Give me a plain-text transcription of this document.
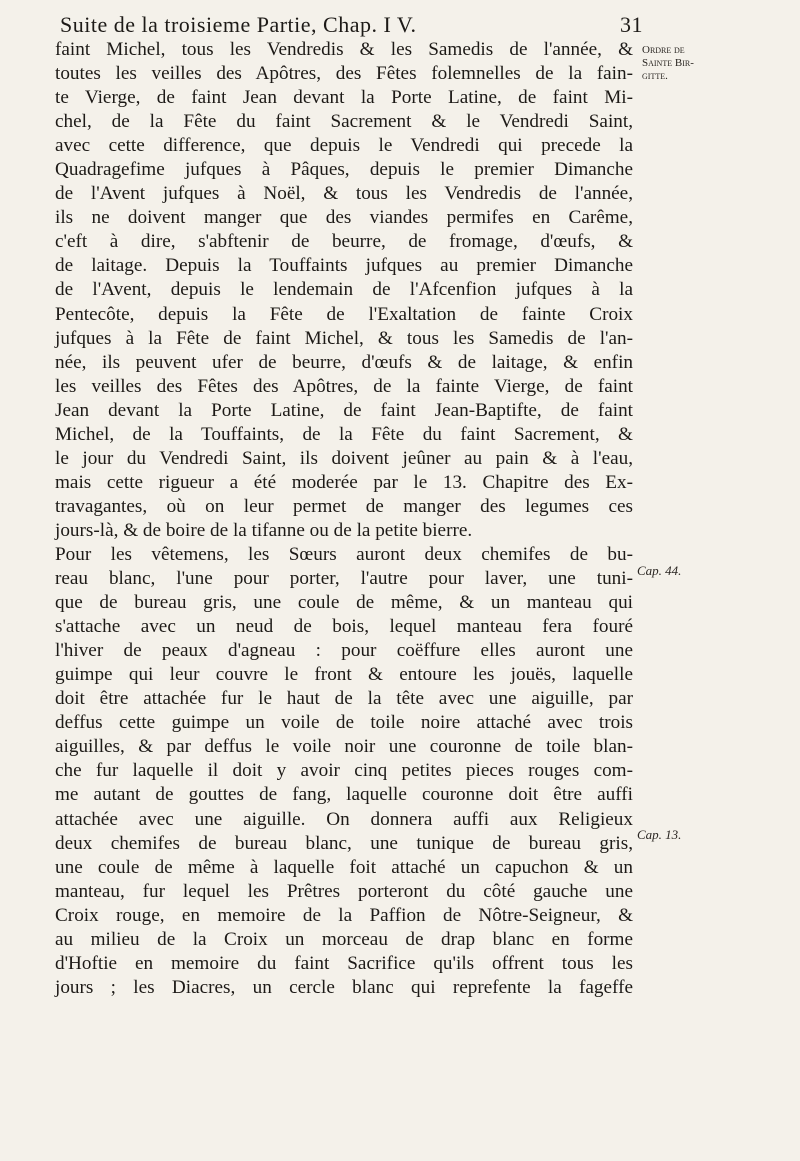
Suite de la troisieme Partie, Chap. I V.	31
faint Michel, tous les Vendredis & les Samedis de l'année, &
toutes les veilles des Apôtres, des Fêtes folemnelles de la fain-
te Vierge, de faint Jean devant la Porte Latine, de faint Mi-
chel, de la Fête du faint Sacrement & le Vendredi Saint,
avec cette difference, que depuis le Vendredi qui precede la
Quadragefime jufques à Pâques, depuis le premier Dimanche
de l'Avent jufques à Noël, & tous les Vendredis de l'année,
ils ne doivent manger que des viandes permifes en Carême,
c'eft à dire, s'abftenir de beurre, de fromage, d'œufs, &
de laitage. Depuis la Touffaints jufques au premier Dimanche
de l'Avent, depuis le lendemain de l'Afcenfion jufques à la
Pentecôte, depuis la Fête de l'Exaltation de fainte Croix
jufques à la Fête de faint Michel, & tous les Samedis de l'an-
née, ils peuvent ufer de beurre, d'œufs & de laitage, & enfin
les veilles des Fêtes des Apôtres, de la fainte Vierge, de faint
Jean devant la Porte Latine, de faint Jean-Baptifte, de faint
Michel, de la Touffaints, de la Fête du faint Sacrement, &
le jour du Vendredi Saint, ils doivent jeûner au pain & à l'eau,
mais cette rigueur a été moderée par le 13. Chapitre des Ex-
travagantes, où on leur permet de manger des legumes ces
jours-là, & de boire de la tifanne ou de la petite bierre.
Pour les vêtemens, les Sœurs auront deux chemifes de bu-
reau blanc, l'une pour porter, l'autre pour laver, une tuni-
que de bureau gris, une coule de même, & un manteau qui
s'attache avec un neud de bois, lequel manteau fera fouré
l'hiver de peaux d'agneau : pour coëffure elles auront une
guimpe qui leur couvre le front & entoure les jouës, laquelle
doit être attachée fur le haut de la tête avec une aiguille, par
deffus cette guimpe un voile de toile noire attaché avec trois
aiguilles, & par deffus le voile noir une couronne de toile blan-
che fur laquelle il doit y avoir cinq petites pieces rouges com-
me autant de gouttes de fang, laquelle couronne doit être auffi
attachée avec une aiguille. On donnera auffi aux Religieux
deux chemifes de bureau blanc, une tunique de bureau gris,
une coule de même à laquelle foit attaché un capuchon & un
manteau, fur lequel les Prêtres porteront du côté gauche une
Croix rouge, en memoire de la Paffion de Nôtre-Seigneur, &
au milieu de la Croix un morceau de drap blanc en forme
d'Hoftie en memoire du faint Sacrifice qu'ils offrent tous les
jours ; les Diacres, un cercle blanc qui reprefente la fageffe
Ordre de
Sainte Bir-
gitte.
Cap. 44.
Cap. 13.
